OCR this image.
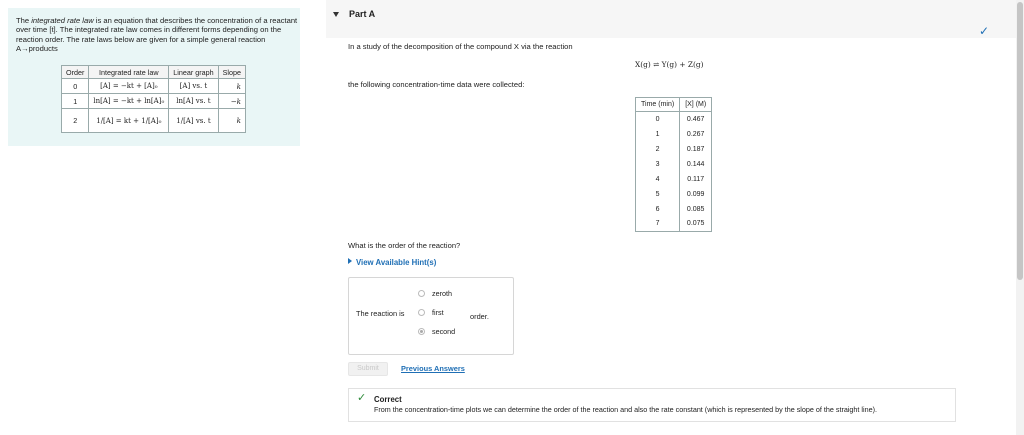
The integrated rate law is an equation that describes the concentration of a reactant over time [t]. The integrated rate law comes in different forms depending on the reaction order. The rate laws below are given for a simple general reaction A→products

Order	Integrated rate law	Linear graph	Slope
0	[A] = −kt + [A]₀	[A] vs. t	k
1	ln[A] = −kt + ln[A]₀	ln[A] vs. t	−k
2	1/[A] = kt + 1/[A]₀	1/[A] vs. t	k
Part A
✓

In a study of the decomposition of the compound X via the reaction

X(g) ⇌ Y(g) + Z(g)

the following concentration-time data were collected:

Time (min)	[X] (M)
0	0.467
1	0.267
2	0.187
3	0.144
4	0.117
5	0.099
6	0.085
7	0.075

What is the order of the reaction?

View Available Hint(s)

The reaction is
zeroth
first
second
order.
Submit	Previous Answers
✓ Correct
From the concentration-time plots we can determine the order of the reaction and also the rate constant (which is represented by the slope of the straight line).
